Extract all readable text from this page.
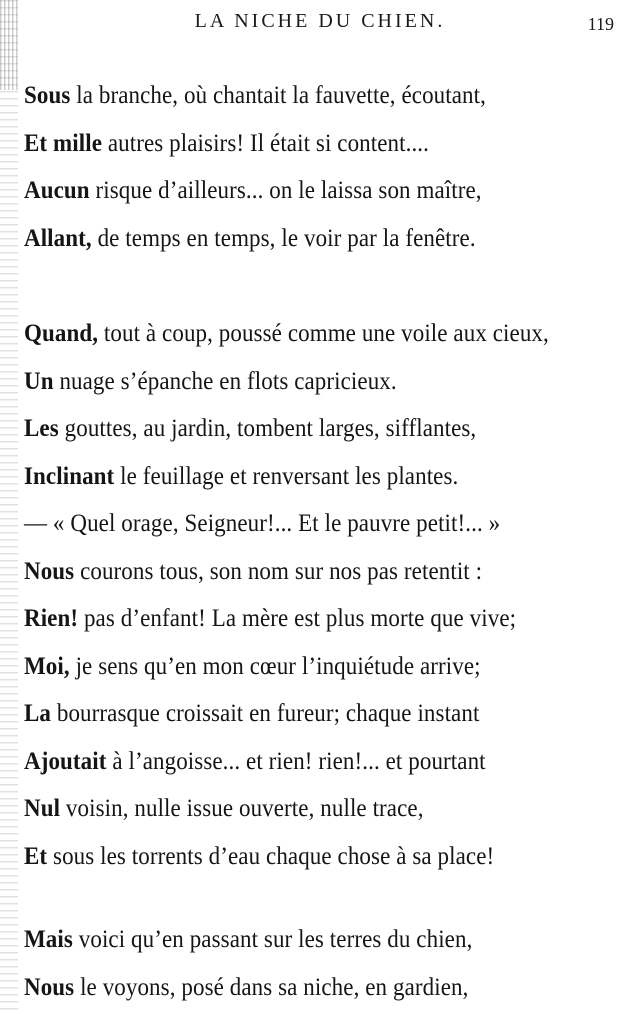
LA NICHE DU CHIEN.	119
Sous la branche, où chantait la fauvette, écoutant,
Et mille autres plaisirs! Il était si content....
Aucun risque d’ailleurs... on le laissa son maître,
Allant, de temps en temps, le voir par la fenêtre.
Quand, tout à coup, poussé comme une voile aux cieux,
Un nuage s’épanche en flots capricieux.
Les gouttes, au jardin, tombent larges, sifflantes,
Inclinant le feuillage et renversant les plantes.
— « Quel orage, Seigneur!... Et le pauvre petit!... »
Nous courons tous, son nom sur nos pas retentit :
Rien! pas d’enfant! La mère est plus morte que vive;
Moi, je sens qu’en mon cœur l’inquiétude arrive;
La bourrasque croissait en fureur; chaque instant
Ajoutait à l’angoisse... et rien! rien!... et pourtant
Nul voisin, nulle issue ouverte, nulle trace,
Et sous les torrents d’eau chaque chose à sa place!
Mais voici qu’en passant sur les terres du chien,
Nous le voyons, posé dans sa niche, en gardien,
